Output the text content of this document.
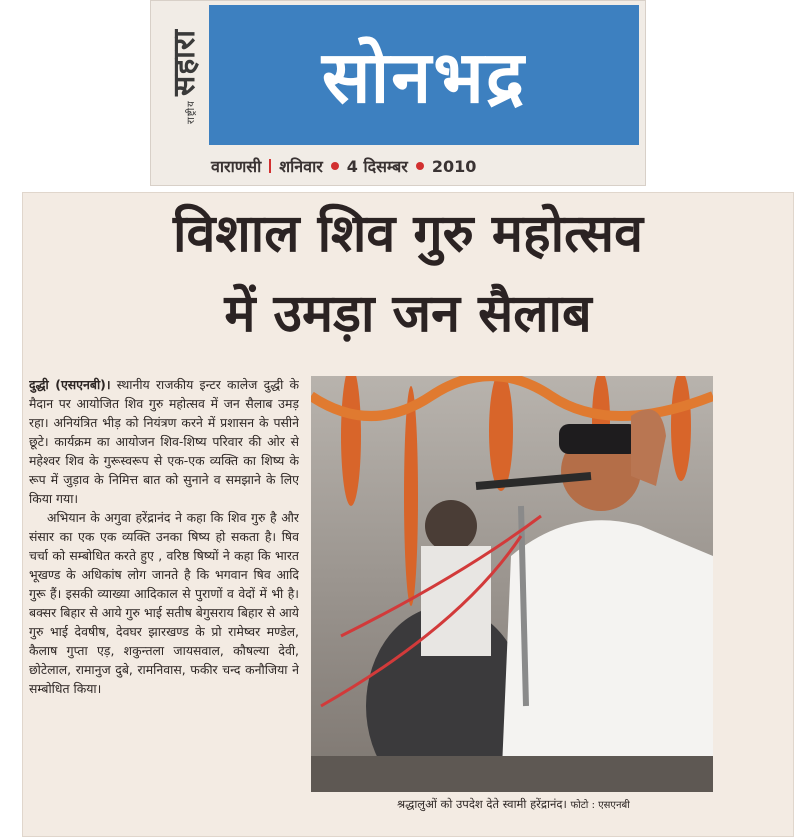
राष्ट्रीयसहारा सोनभद्र
वाराणसी शनिवार 4 दिसम्बर 2010
विशाल शिव गुरु महोत्सव
में उमड़ा जन सैलाब

दुद्धी (एसएनबी)। स्थानीय राजकीय इन्टर कालेज दुद्धी के मैदान पर आयोजित शिव गुरु महोत्सव में जन सैलाब उमड़ रहा। अनियंत्रित भीड़ को नियंत्रण करने में प्रशासन के पसीने छूटे। कार्यक्रम का आयोजन शिव-शिष्य परिवार की ओर से महेश्वर शिव के गुरूस्वरूप से एक-एक व्यक्ति का शिष्य के रूप में जुड़ाव के निमित्त बात को सुनाने व समझाने के लिए किया गया।

अभियान के अगुवा हरेंद्रानंद ने कहा कि शिव गुरु है और संसार का एक एक व्यक्ति उनका षिष्य हो सकता है। षिव चर्चा को सम्बोधित करते हुए , वरिष्ठ षिष्यों ने कहा कि भारत भूखण्ड के अधिकांष लोग जानते है कि भगवान षिव आदि गुरू हैं। इसकी व्याख्या आदिकाल से पुराणों व वेदों में भी है। बक्सर बिहार से आये गुरु भाई सतीष बेगुसराय बिहार से आये गुरु भाई देवषीष, देवघर झारखण्ड के प्रो रामेष्वर मण्डेल, कैलाष गुप्ता एड़, शकुन्तला जायसवाल, कौषल्या देवी, छोटेलाल, रामानुज दुबे, रामनिवास, फकीर चन्द कनौजिया ने सम्बोधित किया।

श्रद्धालुओं को उपदेश देते स्वामी हरेंद्रानंद। फोटो : एसएनबी
